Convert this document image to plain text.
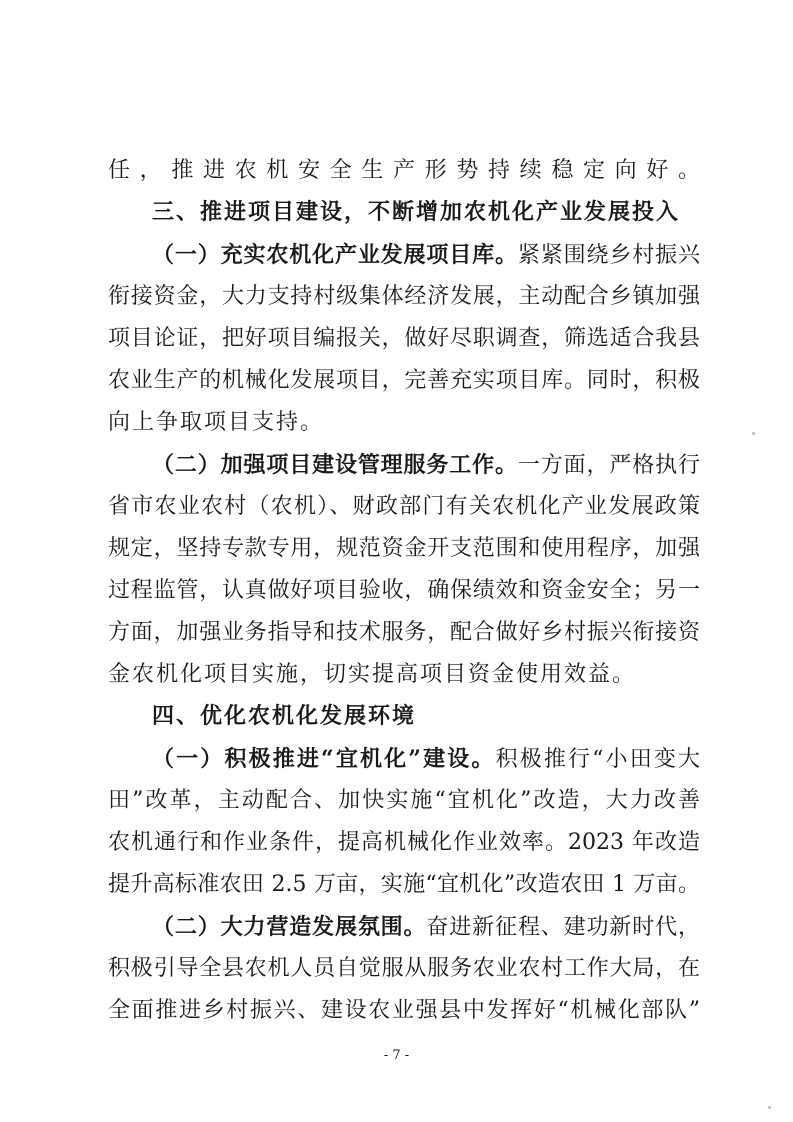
任，推进农机安全生产形势持续稳定向好。
三、推进项目建设，不断增加农机化产业发展投入
（一）充实农机化产业发展项目库。紧紧围绕乡村振兴
衔接资金，大力支持村级集体经济发展，主动配合乡镇加强
项目论证，把好项目编报关，做好尽职调查，筛选适合我县
农业生产的机械化发展项目，完善充实项目库。同时，积极
向上争取项目支持。
（二）加强项目建设管理服务工作。一方面，严格执行
省市农业农村（农机）、财政部门有关农机化产业发展政策
规定，坚持专款专用，规范资金开支范围和使用程序，加强
过程监管，认真做好项目验收，确保绩效和资金安全；另一
方面，加强业务指导和技术服务，配合做好乡村振兴衔接资
金农机化项目实施，切实提高项目资金使用效益。
四、优化农机化发展环境
（一）积极推进“宜机化”建设。积极推行“小田变大
田”改革，主动配合、加快实施“宜机化”改造，大力改善
农机通行和作业条件，提高机械化作业效率。2023 年改造
提升高标准农田 2.5 万亩，实施“宜机化”改造农田 1 万亩。
（二）大力营造发展氛围。奋进新征程、建功新时代，
积极引导全县农机人员自觉服从服务农业农村工作大局，在
全面推进乡村振兴、建设农业强县中发挥好“机械化部队”
- 7 -
